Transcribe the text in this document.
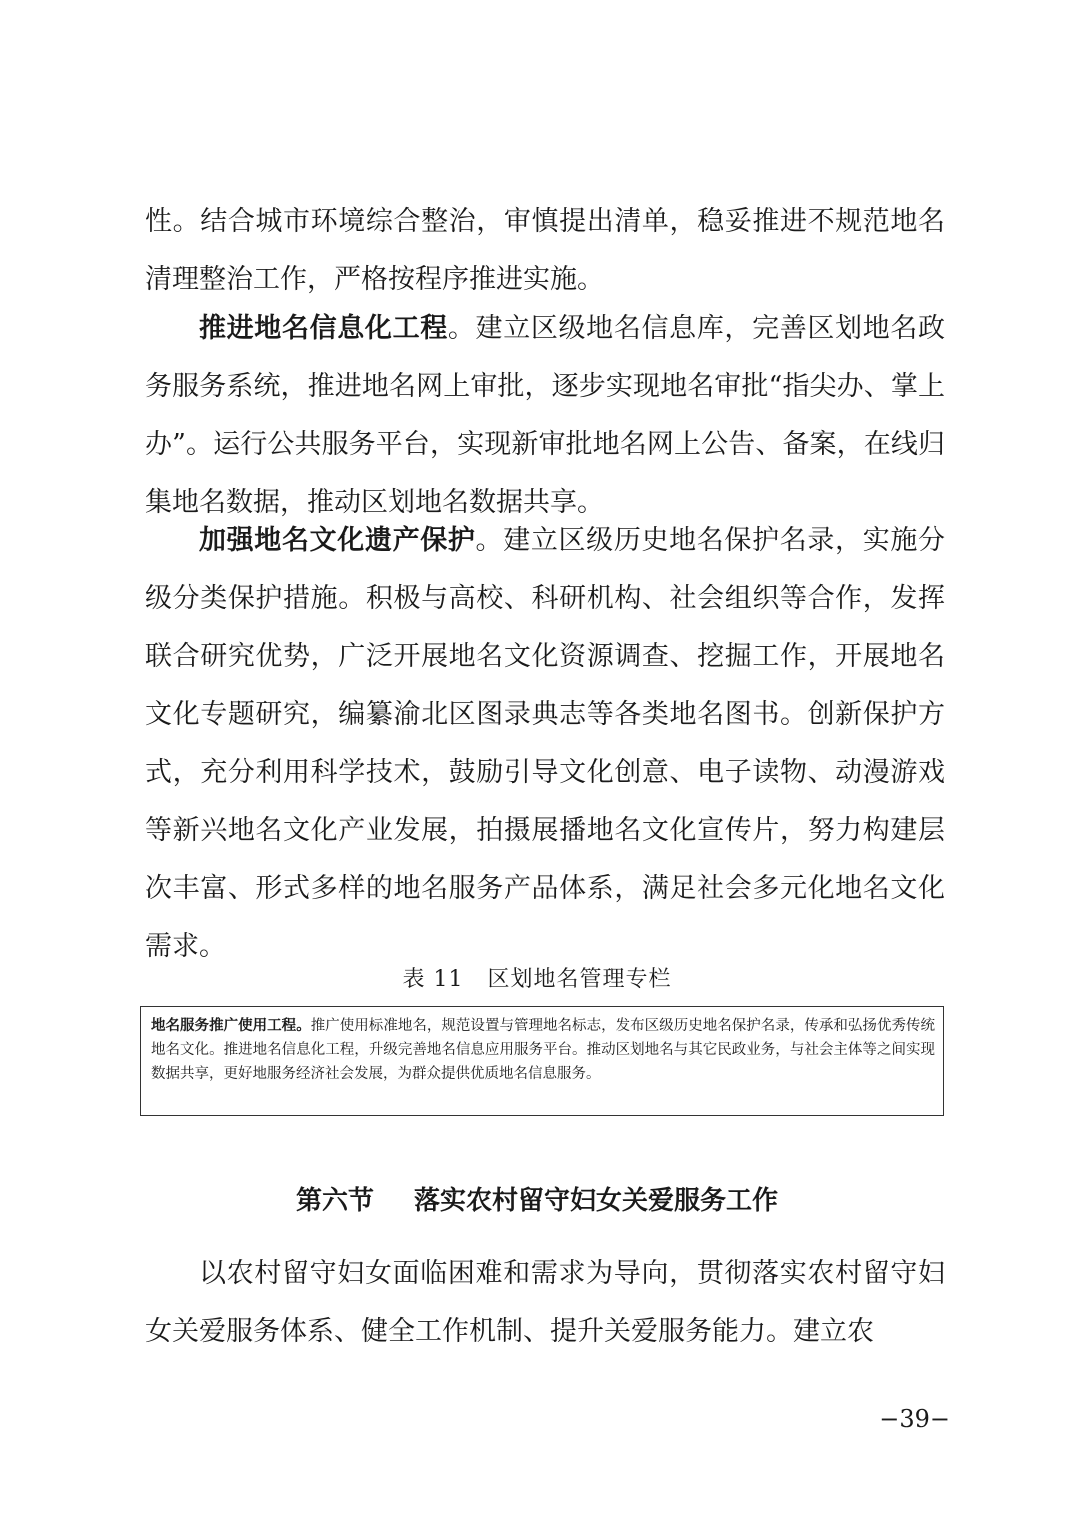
性。结合城市环境综合整治，审慎提出清单，稳妥推进不规范地名清理整治工作，严格按程序推进实施。

推进地名信息化工程。建立区级地名信息库，完善区划地名政务服务系统，推进地名网上审批，逐步实现地名审批“指尖办、掌上办”。运行公共服务平台，实现新审批地名网上公告、备案，在线归集地名数据，推动区划地名数据共享。

加强地名文化遗产保护。建立区级历史地名保护名录，实施分级分类保护措施。积极与高校、科研机构、社会组织等合作，发挥联合研究优势，广泛开展地名文化资源调查、挖掘工作，开展地名文化专题研究，编纂渝北区图录典志等各类地名图书。创新保护方式，充分利用科学技术，鼓励引导文化创意、电子读物、动漫游戏等新兴地名文化产业发展，拍摄展播地名文化宣传片，努力构建层次丰富、形式多样的地名服务产品体系，满足社会多元化地名文化需求。

表 11 区划地名管理专栏
地名服务推广使用工程。推广使用标准地名，规范设置与管理地名标志，发布区级历史地名保护名录，传承和弘扬优秀传统地名文化。推进地名信息化工程，升级完善地名信息应用服务平台。推动区划地名与其它民政业务，与社会主体等之间实现数据共享，更好地服务经济社会发展，为群众提供优质地名信息服务。
第六节 落实农村留守妇女关爱服务工作

以农村留守妇女面临困难和需求为导向，贯彻落实农村留守妇女关爱服务体系、健全工作机制、提升关爱服务能力。建立农

−39−
